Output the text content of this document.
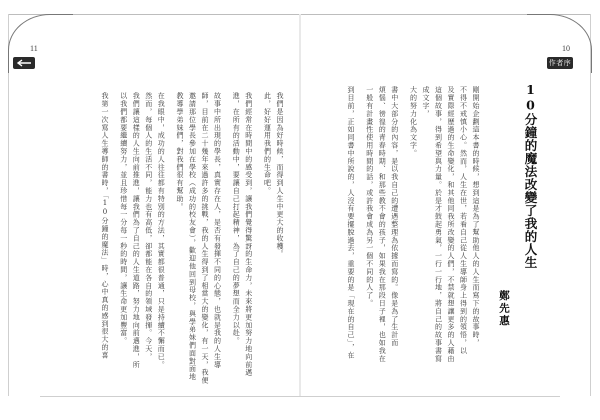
11	10
作者序
10分鐘的魔法改變了我的人生
鄭先惠
剛開始企劃這本書的時候，想到這是為了幫助他人的人生而寫下的故事時，
不得不戒慎小心。然而，人生在世，若看自己從人生導師身上得到的領悟，以
及實際經歷過的生命變化，和其他同我所改變的人們，不禁就想讓更多的人藉由
這個故事，得到希望與力量。於是才鼓起勇氣，一行一行地，將自己的故事書寫
成文字，
大的努力化為文字。
書中大部分的內容，是以我自己的遭遇整理為依據而寫的。像是為了生計而
煩惱、徬徨的青春時期、和那些教不會的孩子，如果我在那段日子裡，也如我在
一般有計畫性使用時間的話，或許我會成為另一個不同的人了。
到目前，正如同書中所說的，人沒有要擺脫過去，重要的是「現在的自己」，在
我們是因為好時候，而得到人生中更大的收穫。
此，好好運用我們的生命吧。
我們經常在時間中的感受到，讓我們覺得驚訝的生命力，未來將更加努力地向前邁
進，在所有的活動中，要讓自己打起精神，為了自己的夢想而全力以赴。
故事中所出現的學長，真實存在人，是否有發揮不同的心態，也就是我的人生導
師，目前在二十幾年來過許多的挑戰，我的人生得到了相當大的變化，有一天，我便
邀請那位學長參加在學校（成功的校友會），歡迎他回到母校，與學弟妹們面對面地
教導學弟妹們，對我們很有幫助。
在我眼中，成功的人往往都有特別的方法，其實都很普通，只是持續不懈而已。
然而，每個人的生活不同，能力也有高低，卻都能在各自的領域發揮。今天，
我們讓這樣的人生向前推進，讓我們為了自己的人生道路，努力地向前邁進，所
以我們都要繼續努力，並且珍惜每一分每一秒的時間，讓生命更加豐富。
我第一次寫人生導師的書時，「10分鐘的魔法」時，心中真的感到很大的喜
